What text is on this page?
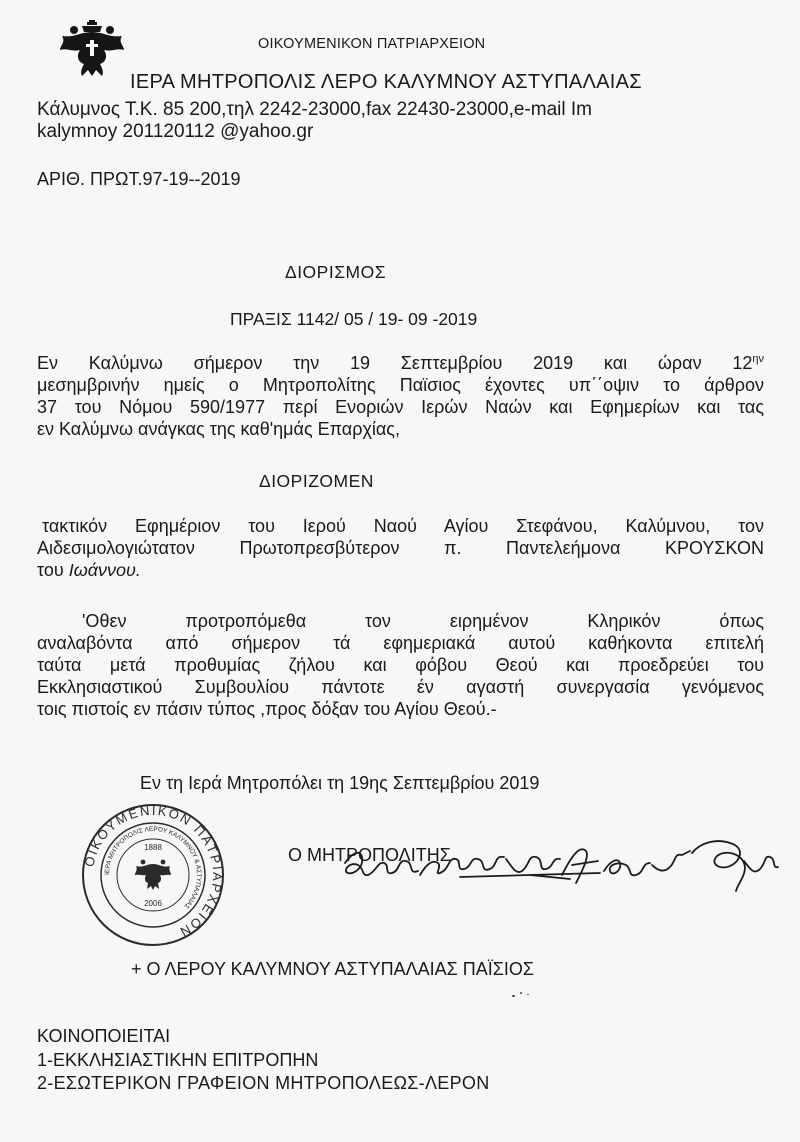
ΟΙΚΟΥΜΕΝΙΚΟΝ ΠΑΤΡΙΑΡΧΕΙΟΝ
ΙΕΡΑ ΜΗΤΡΟΠΟΛΙΣ ΛΕΡΟ ΚΑΛΥΜΝΟΥ ΑΣΤΥΠΑΛΑΙΑΣ
Κάλυμνος Τ.Κ. 85 200,τηλ 2242-23000,fax 22430-23000,e-mail Im
kalymnoy 201120112 @yahoo.gr
ΑΡΙΘ. ΠΡΩΤ.97-19--2019
ΔΙΟΡΙΣΜΟΣ
ΠΡΑΞΙΣ 1142/ 05 / 19- 09 -2019
Εν Καλύμνω σήμερον την 19 Σεπτεμβρίου 2019 και ώραν $12^{\eta\nu}$
μεσημβρινήν ημείς ο Μητροπολίτης Παϊσιος έχοντες υπ΄΄οψιν το άρθρον
37 του Νόμου 590/1977 περί Ενοριών Ιερών Ναών και Εφημερίων και τας
εν Καλύμνω ανάγκας της καθ'ημάς Επαρχίας,
ΔΙΟΡΙΖΟΜΕΝ
τακτικόν Εφημέριον του Ιερού Ναού Αγίου Στεφάνου, Καλύμνου, τον
Αιδεσιμολογιώτατον Πρωτοπρεσβύτερον π. Παντελεήμονα ΚΡΟΥΣΚΟΝ
του Ιωάννου.
'Οθεν προτροπόμεθα τον ειρημένον Κληρικόν όπως
αναλαβόντα από σήμερον τά εφημεριακά αυτού καθήκοντα επιτελή
ταύτα μετά προθυμίας ζήλου και φόβου Θεού και προεδρεύει του
Εκκλησιαστικού Συμβουλίου πάντοτε έν αγαστή συνεργασία γενόμενος
τοις πιστοίς εν πάσιν τύπος ,προς δόξαν του Αγίου Θεού.-
Εν τη Ιερά Μητροπόλει τη 19ης Σεπτεμβρίου 2019
ΟΙΚΟΥΜΕΝΙΚΟΝ ΠΑΤΡΙΑΡΧΕΙΟΝ
ΙΕΡΑ ΜΗΤΡΟΠΟΛΙΣ ΛΕΡΟΥ ΚΑΛΥΜΝΟΥ & ΑΣΤΥΠΑΛΑΙΑΣ
1888
2006
Ο ΜΗΤΡΟΠΟΛΙΤΗΣ
+ Ο ΛΕΡΟΥ ΚΑΛΥΜΝΟΥ ΑΣΤΥΠΑΛΑΙΑΣ ΠΑΪΣΙΟΣ
ΚΟΙΝΟΠΟΙΕΙΤΑΙ
1-ΕΚΚΛΗΣΙΑΣΤΙΚΗΝ ΕΠΙΤΡΟΠΗΝ
2-ΕΣΩΤΕΡΙΚΟΝ ΓΡΑΦΕΙΟΝ ΜΗΤΡΟΠΟΛΕΩΣ-ΛΕΡΟΝ
